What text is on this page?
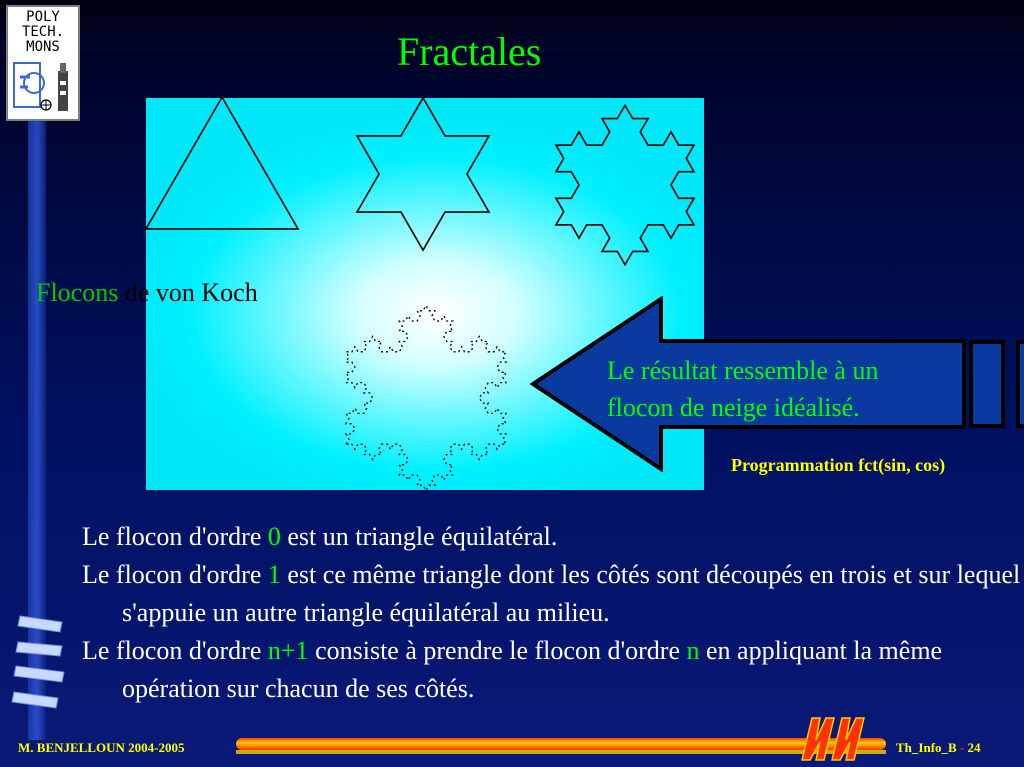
POLY
TECH.
MONS	Fractales
Flocons de von Koch
Le résultat ressemble à un
flocon de neige idéalisé.
Programmation fct(sin, cos)

Le flocon d'ordre 0 est un triangle équilatéral.

Le flocon d'ordre 1 est ce même triangle dont les côtés sont découpés en trois et sur lequel s'appuie un autre triangle équilatéral au milieu.

Le flocon d'ordre n+1 consiste à prendre le flocon d'ordre n en appliquant la même opération sur chacun de ses côtés.

M. BENJELLOUN 2004-2005	Th_Info_B - 24
